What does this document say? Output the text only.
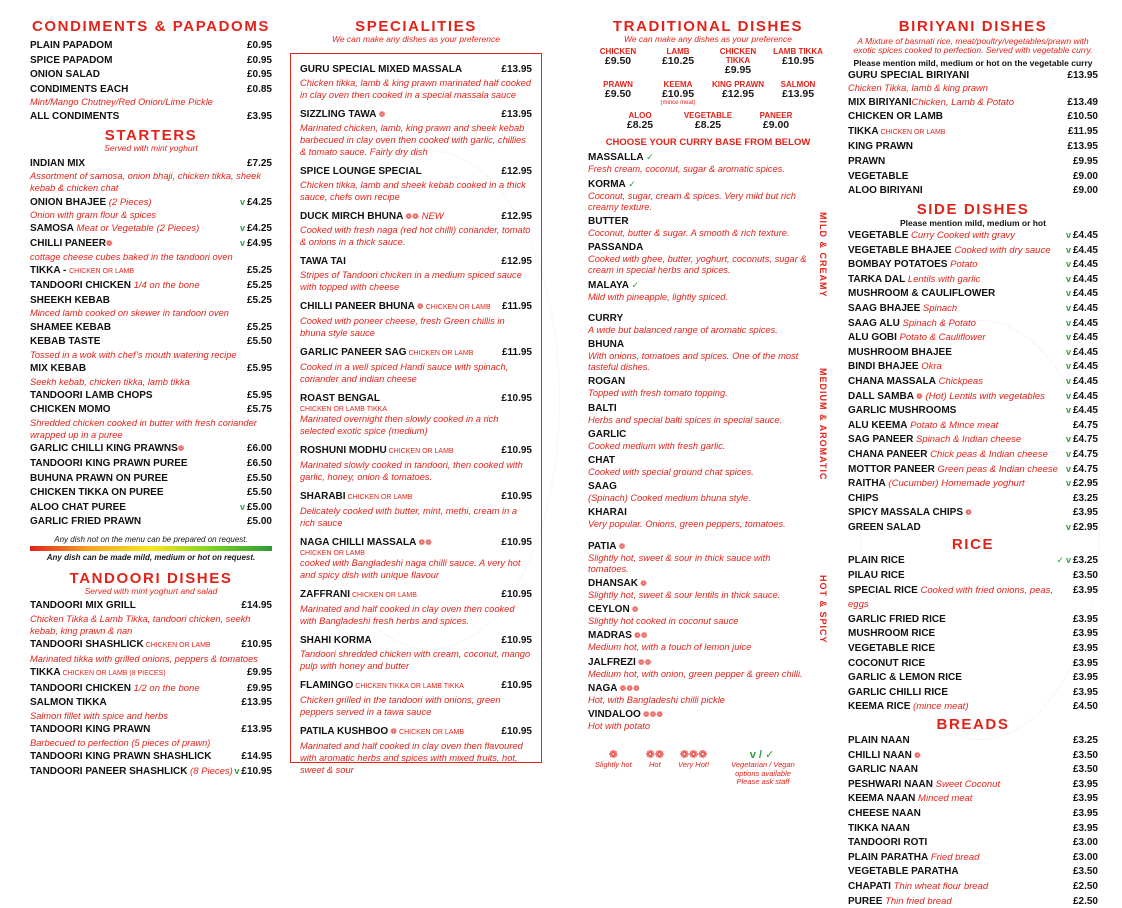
CONDIMENTS & PAPADOMS
PLAIN PAPADOM	£0.95
SPICE PAPADOM	£0.95
ONION SALAD	£0.95
CONDIMENTS EACH	£0.85
Mint/Mango Chutney/Red Onion/Lime Pickle
ALL CONDIMENTS	£3.95
STARTERS
Served with mint yoghurt
INDIAN MIX	£7.25
Assortment of samosa, onion bhaji, chicken tikka, sheek kebab & chicken chat
ONION BHAJEE (2 Pieces)	v £4.25
Onion with gram flour & spices
SAMOSA Meat or Vegetable (2 Pieces)	v £4.25
CHILLI PANEER❁	v £4.95
cottage cheese cubes baked in the tandoori oven
TIKKA - CHICKEN OR LAMB	£5.25
TANDOORI CHICKEN 1/4 on the bone	£5.25
SHEEKH KEBAB	£5.25
Minced lamb cooked on skewer in tandoori oven
SHAMEE KEBAB	£5.25
KEBAB TASTE	£5.50
Tossed in a wok with chef’s mouth watering recipe
MIX KEBAB	£5.95
Seekh kebab, chicken tikka, lamb tikka
TANDOORI LAMB CHOPS	£5.95
CHICKEN MOMO	£5.75
Shredded chicken cooked in butter with fresh coriander wrapped up in a puree
GARLIC CHILLI KING PRAWNS❁	£6.00
TANDOORI KING PRAWN PUREE	£6.50
BUHUNA PRAWN ON PUREE	£5.50
CHICKEN TIKKA ON PUREE	£5.50
ALOO CHAT PUREE	v £5.00
GARLIC FRIED PRAWN	£5.00
Any dish not on the menu can be prepared on request.
Any dish can be made mild, medium or hot on request.
TANDOORI DISHES
Served with mint yoghurt and salad
TANDOORI MIX GRILL	£14.95
Chicken Tikka & Lamb Tikka, tandoori chicken, seekh kebab, king prawn & nan
TANDOORI SHASHLICK CHICKEN OR LAMB	£10.95
Marinated tikka with grilled onions, peppers & tomatoes
TIKKA CHICKEN OR LAMB (8 PIECES)	£9.95
TANDOORI CHICKEN 1/2 on the bone	£9.95
SALMON TIKKA	£13.95
Salmon fillet with spice and herbs
TANDOORI KING PRAWN	£13.95
Barbecued to perfection (5 pieces of prawn)
TANDOORI KING PRAWN SHASHLICK	£14.95
TANDOORI PANEER SHASHLICK (8 Pieces) v £10.95
SPECIALITIES
We can make any dishes as your preference
GURU SPECIAL MIXED MASSALA	£13.95
Chicken tikka, lamb & king prawn marinated half cooked in clay oven then cooked in a special massala sauce
SIZZLING TAWA ❁	£13.95
Marinated chicken, lamb, king prawn and sheek kebab barbecued in clay oven then cooked with garlic, chillies & tomato sauce. Fairly dry dish
SPICE LOUNGE SPECIAL	£12.95
Chicken tikka, lamb and sheek kebab cooked in a thick sauce, chefs own recipe
DUCK MIRCH BHUNA ❁❁ NEW	£12.95
Cooked with fresh naga (red hot chilli) coriander, tomato & onions in a thick sauce.
TAWA TAI	£12.95
Stripes of Tandoori chicken in a medium spiced sauce with topped with cheese
CHILLI PANEER BHUNA ❁ CHICKEN OR LAMB £11.95
Cooked with poneer cheese, fresh Green chillis in bhuna style sauce
GARLIC PANEER SAG CHICKEN OR LAMB	£11.95
Cooked in a well spiced Handi sauce with spinach, coriander and indian cheese
ROAST BENGAL	£10.95
CHICKEN OR LAMB TIKKA
Marinated overnight then slowly cooked in a rich selected exotic spice (medium)
ROSHUNI MODHU CHICKEN OR LAMB	£10.95
Marinated slowly cooked in tandoori, then cooked with garlic, honey, onion & tomatoes.
SHARABI CHICKEN OR LAMB	£10.95
Delicately cooked with butter, mint, methi, cream in a rich sauce
NAGA CHILLI MASSALA ❁❁	£10.95
CHICKEN OR LAMB
cooked with Bangladeshi naga chilli sauce. A very hot and spicy dish with unique flavour
ZAFFRANI CHICKEN OR LAMB	£10.95
Marinated and half cooked in clay oven then cooked with Bangladeshi fresh herbs and spices.
SHAHI KORMA	£10.95
Tandoori shredded chicken with cream, coconut, mango pulp with honey and butter
FLAMINGO CHICKEN TIKKA OR LAMB TIKKA	£10.95
Chicken grilled in the tandoori with onions, green peppers served in a tawa sauce
PATILA KUSHBOO ❁ CHICKEN OR LAMB	£10.95
Marinated and half cooked in clay oven then flavoured with aromatic herbs and spices with mixed fruits, hot, sweet & sour
TRADITIONAL DISHES
We can make any dishes as your preference
CHICKEN
£9.50
LAMB
£10.25
CHICKEN TIKKA
£9.95
LAMB TIKKA
£10.95
PRAWN
£9.50
KEEMA
£10.95
(mince meat)
KING PRAWN
£12.95
SALMON
£13.95
ALOO
£8.25
VEGETABLE
£8.25
PANEER
£9.00
CHOOSE YOUR CURRY BASE FROM BELOW
MASSALLA ✓
Fresh cream, coconut, sugar & aromatic spices.
KORMA ✓
Coconut, sugar, cream & spices. Very mild but rich creamy texture.
BUTTER
Coconut, butter & sugar. A smooth & rich texture.
PASSANDA
Cooked with ghee, butter, yoghurt, coconuts, sugar & cream in special herbs and spices.
MALAYA ✓
Mild with pineapple, lightly spiced.
CURRY
A wide but balanced range of aromatic spices.
BHUNA
With onions, tomatoes and spices. One of the most tasteful dishes.
ROGAN
Topped with fresh tomato topping.
BALTI
Herbs and special balti spices in special sauce.
GARLIC
Cooked medium with fresh garlic.
CHAT
Cooked with special ground chat spices.
SAAG
(Spinach) Cooked medium bhuna style.
KHARAI
Very popular. Onions, green peppers, tomatoes.
PATIA ❁
Slightly hot, sweet & sour in thick sauce with tomatoes.
DHANSAK ❁
Slightly hot, sweet & sour lentils in thick sauce.
CEYLON ❁
Slightly hot cooked in coconut sauce
MADRAS ❁❁
Medium hot, with a touch of lemon juice
JALFREZI ❁❁
Medium hot, with onion, green pepper & green chilli.
NAGA ❁❁❁
Hot, with Bangladeshi chilli pickle
VINDALOO ❁❁❁
Hot with potato
❁
Slightly hot
❁❁
Hot
❁❁❁
Very Hot!
v / ✓
Vegetarian / Vegan options available Please ask staff
MILD & CREAMY
MEDIUM & AROMATIC
HOT & SPICY
BIRIYANI DISHES
A Mixture of basmati rice, meat/poultry/vegetables/prawn with exotic spices cooked to perfection. Served with vegetable curry.
Please mention mild, medium or hot on the vegetable curry
GURU SPECIAL BIRIYANI	£13.95
Chicken Tikka, lamb & king prawn
MIX BIRIYANIChicken, Lamb & Potato	£13.49
CHICKEN OR LAMB	£10.50
TIKKA CHICKEN OR LAMB	£11.95
KING PRAWN	£13.95
PRAWN	£9.95
VEGETABLE	£9.00
ALOO BIRIYANI	£9.00
SIDE DISHES
Please mention mild, medium or hot
VEGETABLE Curry Cooked with gravy	v £4.45
VEGETABLE BHAJEE Cooked with dry sauce v £4.45
BOMBAY POTATOES Potato	v £4.45
TARKA DAL Lentils with garlic	v £4.45
MUSHROOM & CAULIFLOWER	v £4.45
SAAG BHAJEE Spinach	v £4.45
SAAG ALU Spinach & Potato	v £4.45
ALU GOBI Potato & Cauliflower	v £4.45
MUSHROOM BHAJEE	v £4.45
BINDI BHAJEE Okra	v £4.45
CHANA MASSALA Chickpeas	v £4.45
DALL SAMBA ❁ (Hot) Lentils with vegetables v £4.45
GARLIC MUSHROOMS	v £4.45
ALU KEEMA Potato & Mince meat	£4.75
SAG PANEER Spinach & Indian cheese	v £4.75
CHANA PANEER Chick peas & Indian cheese v £4.75
MOTTOR PANEER Green peas & Indian cheese v £4.75
RAITHA (Cucumber) Homemade yoghurt	v £2.95
CHIPS	£3.25
SPICY MASSALA CHIPS ❁	£3.95
GREEN SALAD	v £2.95
RICE
PLAIN RICE	✓ v £3.25
PILAU RICE	£3.50
SPECIAL RICE Cooked with fried onions, peas, eggs
£3.95
GARLIC FRIED RICE	£3.95
MUSHROOM RICE	£3.95
VEGETABLE RICE	£3.95
COCONUT RICE	£3.95
GARLIC & LEMON RICE	£3.95
GARLIC CHILLI RICE	£3.95
KEEMA RICE (mince meat)	£4.50
BREADS
PLAIN NAAN	£3.25
CHILLI NAAN ❁	£3.50
GARLIC NAAN	£3.50
PESHWARI NAAN Sweet Coconut	£3.95
KEEMA NAAN Minced meat	£3.95
CHEESE NAAN	£3.95
TIKKA NAAN	£3.95
TANDOORI ROTI	£3.00
PLAIN PARATHA Fried bread	£3.00
VEGETABLE PARATHA	£3.50
CHAPATI Thin wheat flour bread	£2.50
PUREE Thin fried bread	£2.50
